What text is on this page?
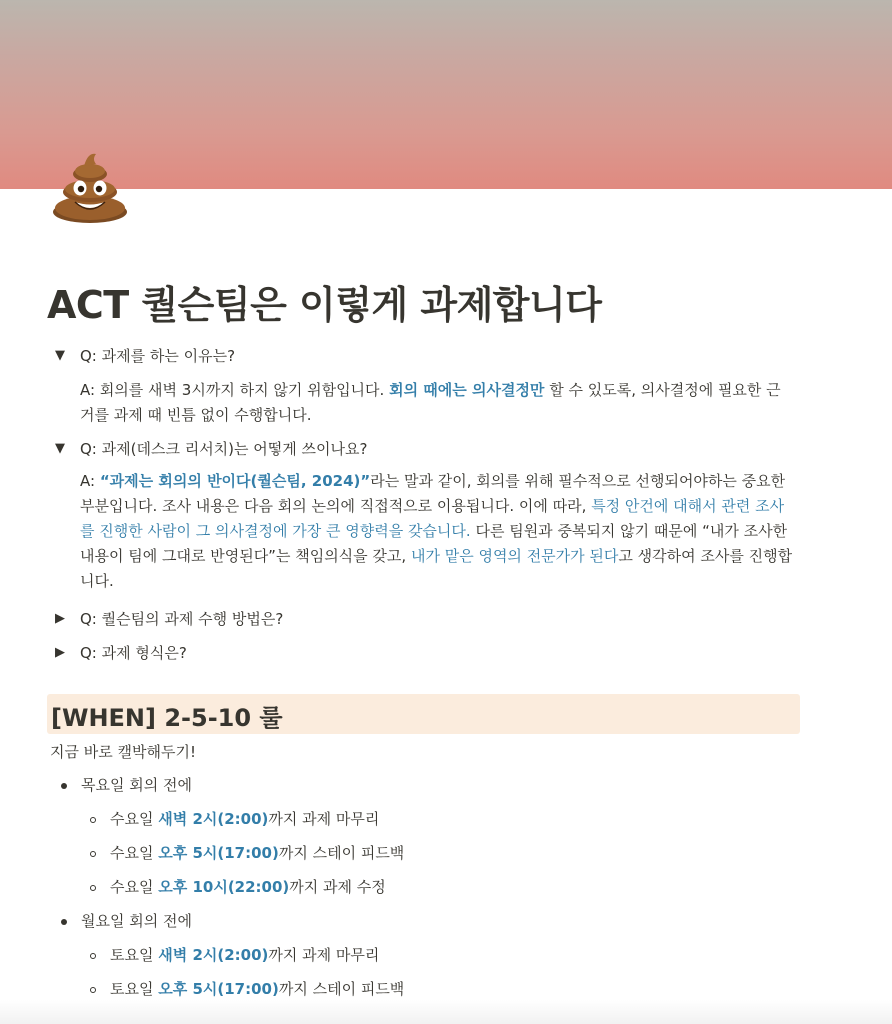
ACT 퀄슨팀은 이렇게 과제합니다
▼	Q: 과제를 하는 이유는?
A: 회의를 새벽 3시까지 하지 않기 위함입니다. 회의 때에는 의사결정만 할 수 있도록, 의사결정에 필요한 근
거를 과제 때 빈틈 없이 수행합니다.
▼	Q: 과제(데스크 리서치)는 어떻게 쓰이나요?
A: “과제는 회의의 반이다(퀄슨팀, 2024)”라는 말과 같이, 회의를 위해 필수적으로 선행되어야하는 중요한
부분입니다. 조사 내용은 다음 회의 논의에 직접적으로 이용됩니다. 이에 따라, 특정 안건에 대해서 관련 조사
를 진행한 사람이 그 의사결정에 가장 큰 영향력을 갖습니다. 다른 팀원과 중복되지 않기 때문에 “내가 조사한
내용이 팀에 그대로 반영된다”는 책임의식을 갖고, 내가 맡은 영역의 전문가가 된다고 생각하여 조사를 진행합
니다.
▶	Q: 퀄슨팀의 과제 수행 방법은?
▶	Q: 과제 형식은?
[WHEN] 2-5-10 룰
지금 바로 캘박해두기!
목요일 회의 전에
수요일 새벽 2시(2:00)까지 과제 마무리
수요일 오후 5시(17:00)까지 스테이 피드백
수요일 오후 10시(22:00)까지 과제 수정
월요일 회의 전에
토요일 새벽 2시(2:00)까지 과제 마무리
토요일 오후 5시(17:00)까지 스테이 피드백
